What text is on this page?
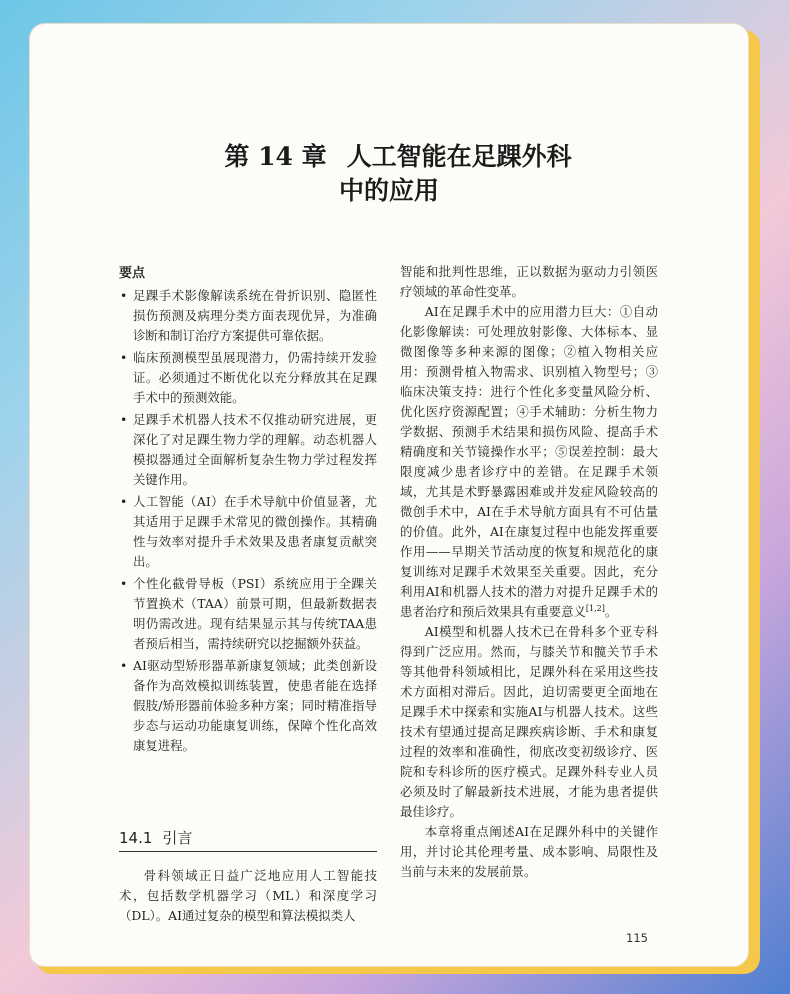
第 14 章 人工智能在足踝外科
中的应用
要点
• 足踝手术影像解读系统在骨折识别、隐匿性损伤预测及病理分类方面表现优异，为准确诊断和制订治疗方案提供可靠依据。
• 临床预测模型虽展现潜力，仍需持续开发验证。必须通过不断优化以充分释放其在足踝手术中的预测效能。
• 足踝手术机器人技术不仅推动研究进展，更深化了对足踝生物力学的理解。动态机器人模拟器通过全面解析复杂生物力学过程发挥关键作用。
• 人工智能（AI）在手术导航中价值显著，尤其适用于足踝手术常见的微创操作。其精确性与效率对提升手术效果及患者康复贡献突出。
• 个性化截骨导板（PSI）系统应用于全踝关节置换术（TAA）前景可期，但最新数据表明仍需改进。现有结果显示其与传统TAA患者预后相当，需持续研究以挖掘额外获益。
• AI驱动型矫形器革新康复领域；此类创新设备作为高效模拟训练装置，使患者能在选择假肢/矫形器前体验多种方案；同时精准指导步态与运动功能康复训练，保障个性化高效康复进程。
14.1 引言

骨科领域正日益广泛地应用人工智能技术，包括数学机器学习（ML）和深度学习（DL）。AI通过复杂的模型和算法模拟类人

智能和批判性思维，正以数据为驱动力引领医疗领域的革命性变革。

AI在足踝手术中的应用潜力巨大：①自动化影像解读：可处理放射影像、大体标本、显微图像等多种来源的图像；②植入物相关应用：预测骨植入物需求、识别植入物型号；③临床决策支持：进行个性化多变量风险分析、优化医疗资源配置；④手术辅助：分析生物力学数据、预测手术结果和损伤风险、提高手术精确度和关节镜操作水平；⑤误差控制：最大限度减少患者诊疗中的差错。在足踝手术领域，尤其是术野暴露困难或并发症风险较高的微创手术中，AI在手术导航方面具有不可估量的价值。此外，AI在康复过程中也能发挥重要作用——早期关节活动度的恢复和规范化的康复训练对足踝手术效果至关重要。因此，充分利用AI和机器人技术的潜力对提升足踝手术的患者治疗和预后效果具有重要意义[1,2]。

AI模型和机器人技术已在骨科多个亚专科得到广泛应用。然而，与膝关节和髋关节手术等其他骨科领域相比，足踝外科在采用这些技术方面相对滞后。因此，迫切需要更全面地在足踝手术中探索和实施AI与机器人技术。这些技术有望通过提高足踝疾病诊断、手术和康复过程的效率和准确性，彻底改变初级诊疗、医院和专科诊所的医疗模式。足踝外科专业人员必须及时了解最新技术进展，才能为患者提供最佳诊疗。

本章将重点阐述AI在足踝外科中的关键作用，并讨论其伦理考量、成本影响、局限性及当前与未来的发展前景。

115
